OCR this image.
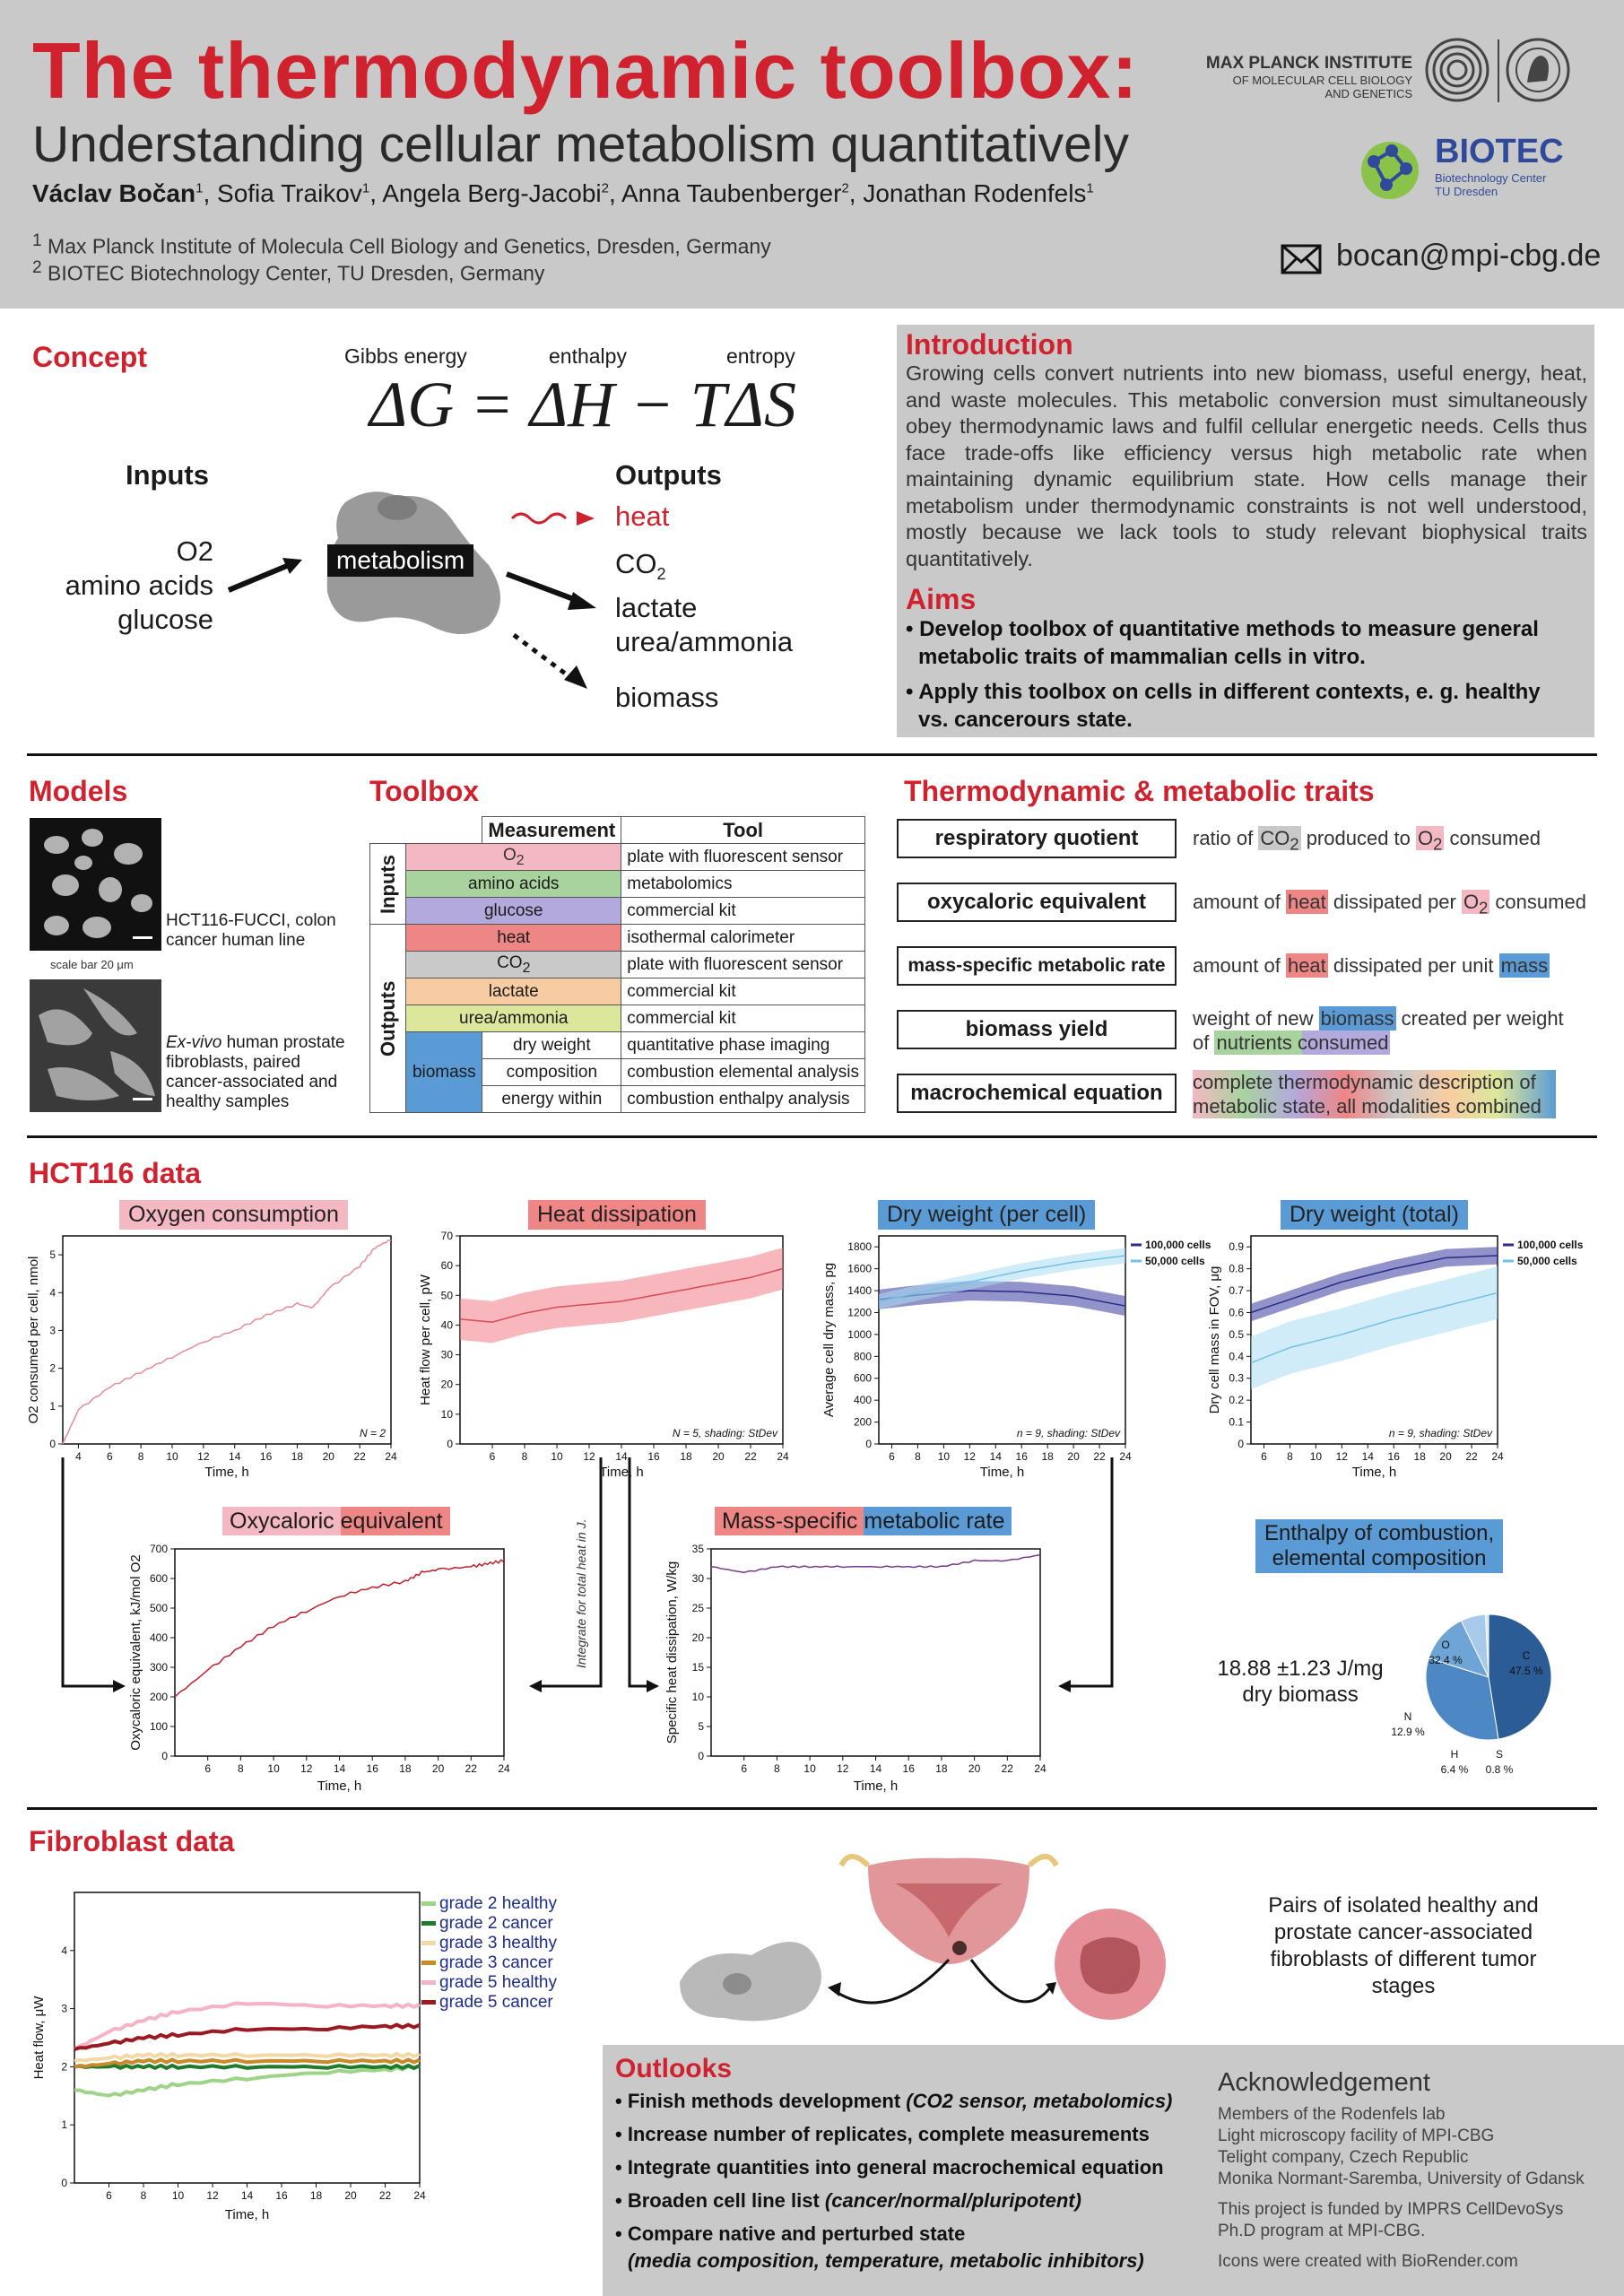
The thermodynamic toolbox:
Understanding cellular metabolism quantitatively
Václav Bočan$^1$, Sofia Traikov$^1$, Angela Berg-Jacobi$^2$, Anna Taubenberger$^2$, Jonathan Rodenfels$^1$
$^1$ Max Planck Institute of Molecula Cell Biology and Genetics, Dresden, Germany
$^2$ BIOTEC Biotechnology Center, TU Dresden, Germany
MAX PLANCK INSTITUTE
OF MOLECULAR CELL BIOLOGY
AND GENETICS
BIOTEC
Biotechnology Center
TU Dresden
bocan@mpi-cbg.de
Concept	Gibbs energy	enthalpy	entropy
ΔG = ΔH − TΔS
Inputs	Outputs
O2
amino acids
glucose
metabolism
heat
$CO_2$
lactate
urea/ammonia
biomass
Introduction
Growing cells convert nutrients into new biomass, useful energy, heat, and waste molecules. This metabolic conversion must simultaneously obey thermodynamic laws and fulfil cellular energetic needs. Cells thus face trade-offs like efficiency versus high metabolic rate when maintaining dynamic equilibrium state. How cells manage their metabolism under thermodynamic constraints is not well understood, mostly because we lack tools to study relevant biophysical traits quantitatively.
Aims
• Develop toolbox of quantitative methods to measure general metabolic traits of mammalian cells in vitro.
• Apply this toolbox on cells in different contexts, e. g. healthy vs. cancerours state.
Models
HCT116-FUCCI, colon cancer human line
scale bar 20 μm
Ex-vivo human prostate fibroblasts, paired cancer-associated and healthy samples
Toolbox
		Measurement	Tool
Inputs	$O_2$		plate with fluorescent sensor
	amino acids		metabolomics
	glucose		commercial kit
Outputs	heat		isothermal calorimeter
	$CO_2$		plate with fluorescent sensor
	lactate		commercial kit
	urea/ammonia		commercial kit
	biomass	dry weight	quantitative phase imaging
		composition	combustion elemental analysis
		energy within	combustion enthalpy analysis
Thermodynamic & metabolic traits
respiratory quotient	ratio of $CO_2$ produced to $O_2$ consumed
oxycaloric equivalent	amount of heat dissipated per $O_2$ consumed
mass-specific metabolic rate	amount of heat dissipated per unit mass
biomass yield	weight of new biomass created per weight
of nutrients consumed
macrochemical equation	complete thermodynamic description of metabolic state, all modalities combined
HCT116 data
Oxygen consumption
4 6 8 10 12 14 16 18 20 22 24
0
1
2
3
4
5
Time, h
O2 consumed per cell, nmol
N = 2
Heat dissipation
6 8 10 12 14 16 18 20 22 24
0
10
20
30
40
50
60
70
Time, h
Heat flow per cell, pW
N = 5, shading: StDev
Dry weight (per cell)
6 8 10 12 14 16 18 20 22 24
0
200
400
600
800
1000
1200
1400
1600
1800
Time, h
Average cell dry mass, pg
n = 9, shading: StDev
100,000 cells
50,000 cells
Dry weight (total)
6 8 10 12 14 16 18 20 22 24
0
0.1
0.2
0.3
0.4
0.5
0.6
0.7
0.8
0.9
Time, h
Dry cell mass in FOV, μg
n = 9, shading: StDev
100,000 cells
50,000 cells
Integrate for total heat in J.
Oxycaloric equivalent
6	8 10 12 14 16 18 20 22 24
0
100
200
300
400
500
600
700
Time, h
Oxycaloric equivalent, kJ/mol O2
Mass-specific metabolic rate
6	8 10 12 14 16 18 20 22 24
0
5
10
15
20
25
30
35
Time, h
Specific heat dissipation, W/kg
Enthalpy of combustion,
elemental composition
18.88 ±1.23 J/mg
dry biomass
C 47.5 %
O 32.4 %
N 12.9 %
H 6.4 %
S 0.8 %
Fibroblast data
6	8 10 12 14 16 18 20 22 24
0
1
2
3
4
Time, h
Heat flow, μW
grade 2 healthy
grade 2 cancer
grade 3 healthy
grade 3 cancer
grade 5 healthy
grade 5 cancer
Pairs of isolated healthy and prostate cancer-associated fibroblasts of different tumor stages
Outlooks
• Finish methods development (CO2 sensor, metabolomics)
• Increase number of replicates, complete measurements
• Integrate quantities into general macrochemical equation
• Broaden cell line list (cancer/normal/pluripotent)
• Compare native and perturbed state
(media composition, temperature, metabolic inhibitors)
Acknowledgement
Members of the Rodenfels lab
Light microscopy facility of MPI-CBG
Telight company, Czech Republic
Monika Normant-Saremba, University of Gdansk
This project is funded by IMPRS CellDevoSys
Ph.D program at MPI-CBG.
Icons were created with BioRender.com
